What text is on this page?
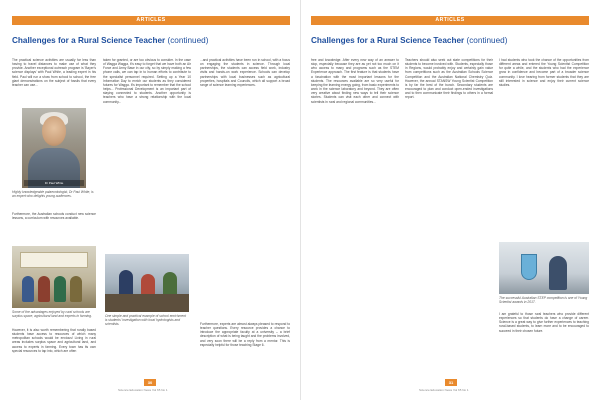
ARTICLES
Challenges for a Rural Science Teacher (continued)
The practical science activities are usually far less than having to travel distances to make use of what they provide. Another exceptional outreach program is 'Bayer's science displays' with Paul White, a leading expert in his field. Paul will run a show from school to school, the free giant demonstrations on the subject of fossils that every teacher can use...
Dr Paul White
Highly knowledgeable palaeontologist, Dr Paul White, is an expert who delights young audiences.
Furthermore, the Australian schools conduct new science lessons, a curriculum with resources available.
Some of the advantages enjoyed by rural schools are surplus space, agricultural land and experts in farming.
However, it is also worth remembering that rurally based students have access to resources of which many metropolitan schools would be envious! Living in rural areas includes surplus space and agricultural land, and access to experts in farming. Every town has its own special resources to tap into, which are often
taken for granted, or are too obvious to consider. In the case of Wagga Wagga, it's easy to forget that we have both an Air Force and Army Base in our city, so by simply making a few phone calls, we can tap in to human efforts to contribute to the specialist personnel required. Setting up a Year 10 Information Day to enrich our students as they considered futures for Wagga. It's important to remember that the school helps... Professional Development is an important part of staying connected to students. Another opportunity is teachers who have a strong relationship with the local community...
One simple and practical example of school enrichment is students' investigation with local hydrologists and scientists.
...and practical activities have been run in school, with a focus on engaging the students in science. Through local partnerships, the students can access field work, industry visits and hands-on work experience. Schools can develop partnerships with local businesses such as agricultural properties, hospitals and Councils, which all support a broad range of science learning experiences.
Furthermore, experts are almost always pleased to respond to teacher questions. Every resource provides a chance to introduce the appropriate faculty at a university – a brief description of what is being taught and the problems involved, and very soon there will be a reply from a mentor. This is especially helpful for those teaching Stage 6.
30
Science Education News Vol 65 No 1
ARTICLES
Challenges for a Rural Science Teacher (continued)
free and knowledge. After every new way of an answer to stop, especially because they are as yet not too much on it who access to many and programs such as the STEM Experience approach. The first feature is that students have a fascination with the most important lessons for the students. The resources available are so very useful for keeping the learning energy going, from basic experiments to work in the science laboratory and beyond. They are often very creative about finding new ways to tell their science stories. Students can visit each other and connect with scientists in rural and regional communities...
Teachers should also seek out state competitions for their students to become involved with. Students, especially those in Regions, would probably enjoy and certainly gain value from competitions such as the Australian Schools Science Competition and the Australian National Chemistry Quiz. However, the annual STANSW Young Scientist Competition is by far the best of the bunch. Secondary students are encouraged to plan and conduct open-ended investigations and to then communicate their findings to others in a formal report.
I had students who took the chance of the opportunities from different areas and entered the Young Scientist Competition for quite a while, and the students who had the experience grow in confidence and become part of a broader science community. I love hearing from former students that they are still interested in science and enjoy their current science studies.
The successful Australian STEP competition is one of Young Scientist awards in 2017.
I am grateful to those rural teachers who provide different experiences so that students do have a change of career. Science is a great way to give further experiences to teaching rural-based students, to learn more and to be encouraged to succeed in their chosen future.
31
Science Education News Vol 65 No 1
